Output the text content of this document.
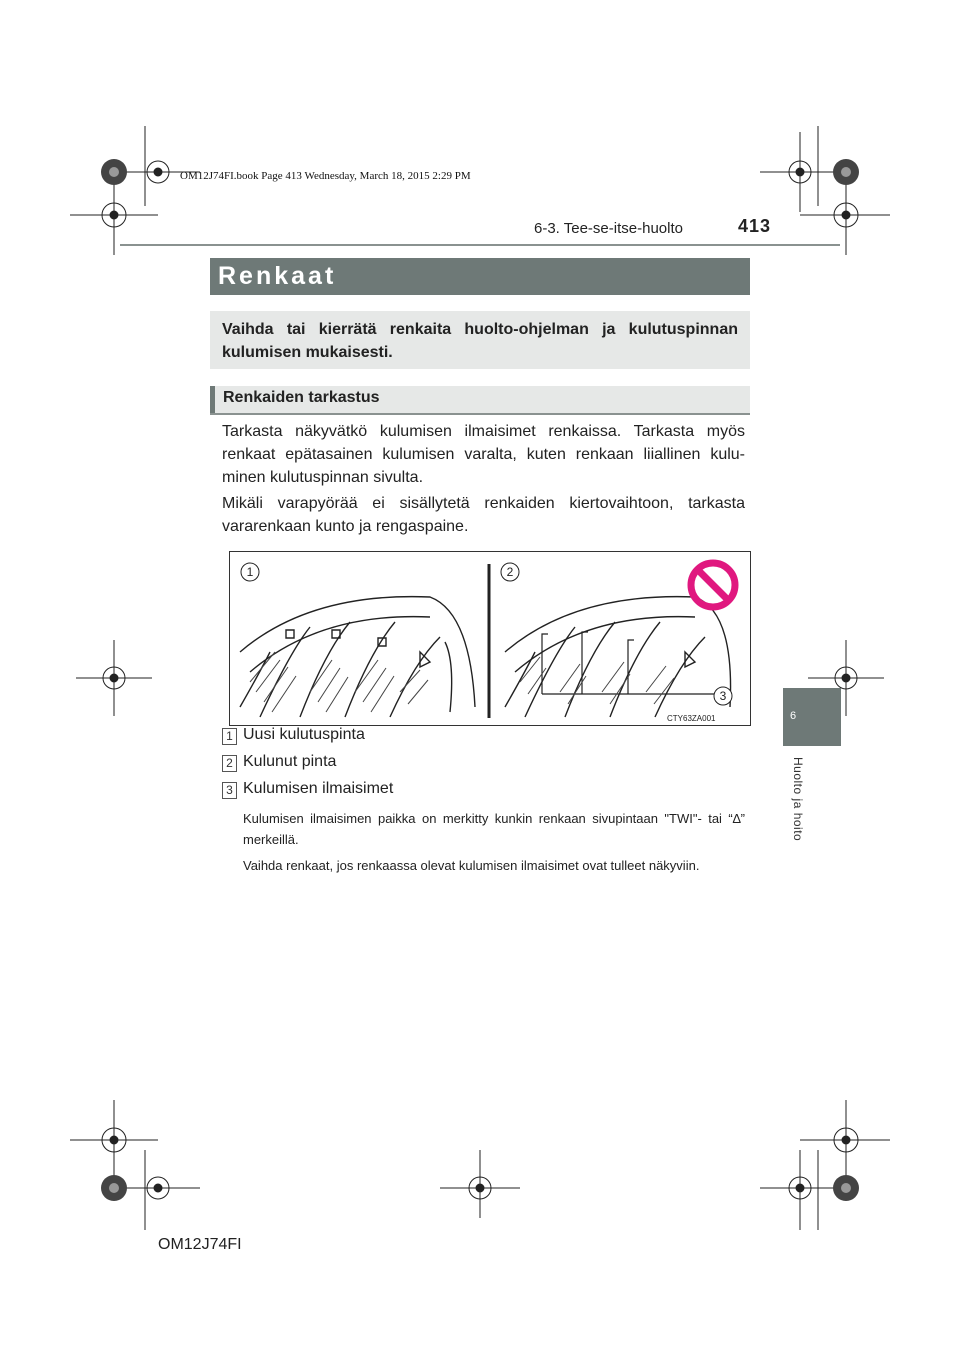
OM12J74FI.book Page 413 Wednesday, March 18, 2015 2:29 PM
6-3. Tee-se-itse-huolto	413
Renkaat
Vaihda tai kierrätä renkaita huolto-ohjelman ja kulutuspinnan kulumisen mukaisesti.
Renkaiden tarkastus
Tarkasta näkyvätkö kulumisen ilmaisimet renkaissa. Tarkasta myös renkaat epätasainen kulumisen varalta, kuten renkaan liiallinen kulu-minen kulutuspinnan sivulta.
Mikäli varapyörää ei sisällytetä renkaiden kiertovaihtoon, tarkasta vararenkaan kunto ja rengaspaine.
1	2
3
CTY63ZA001
1 Uusi kulutuspinta
2 Kulunut pinta
3 Kulumisen ilmaisimet
Kulumisen ilmaisimen paikka on merkitty kunkin renkaan sivupintaan "TWI"- tai “∆” merkeillä.
Vaihda renkaat, jos renkaassa olevat kulumisen ilmaisimet ovat tulleet näkyviin.
6
Huolto ja hoito
OM12J74FI
